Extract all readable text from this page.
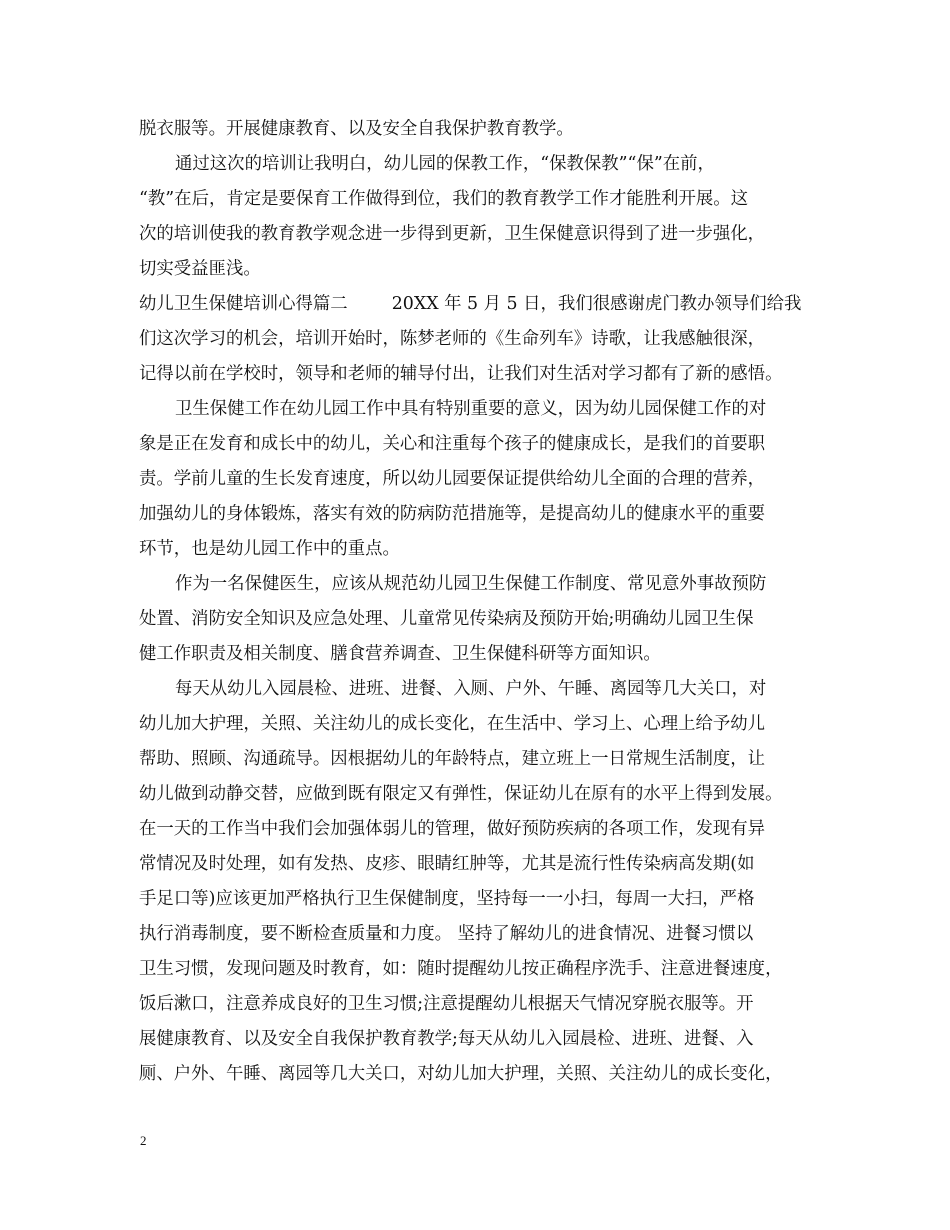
脱衣服等。开展健康教育、以及安全自我保护教育教学。
通过这次的培训让我明白，幼儿园的保教工作，“保教保教”“保”在前，
“教”在后，肯定是要保育工作做得到位，我们的教育教学工作才能胜利开展。这
次的培训使我的教育教学观念进一步得到更新，卫生保健意识得到了进一步强化，
切实受益匪浅。
幼儿卫生保健培训心得篇二	20XX 年 5 月 5 日，我们很感谢虎门教办领导们给我
们这次学习的机会，培训开始时，陈梦老师的《生命列车》诗歌，让我感触很深，
记得以前在学校时，领导和老师的辅导付出，让我们对生活对学习都有了新的感悟。
卫生保健工作在幼儿园工作中具有特别重要的意义，因为幼儿园保健工作的对
象是正在发育和成长中的幼儿，关心和注重每个孩子的健康成长，是我们的首要职
责。学前儿童的生长发育速度，所以幼儿园要保证提供给幼儿全面的合理的营养，
加强幼儿的身体锻炼，落实有效的防病防范措施等，是提高幼儿的健康水平的重要
环节，也是幼儿园工作中的重点。
作为一名保健医生，应该从规范幼儿园卫生保健工作制度、常见意外事故预防
处置、消防安全知识及应急处理、儿童常见传染病及预防开始;明确幼儿园卫生保
健工作职责及相关制度、膳食营养调查、卫生保健科研等方面知识。
每天从幼儿入园晨检、进班、进餐、入厕、户外、午睡、离园等几大关口，对
幼儿加大护理，关照、关注幼儿的成长变化，在生活中、学习上、心理上给予幼儿
帮助、照顾、沟通疏导。因根据幼儿的年龄特点，建立班上一日常规生活制度，让
幼儿做到动静交替，应做到既有限定又有弹性，保证幼儿在原有的水平上得到发展。
在一天的工作当中我们会加强体弱儿的管理，做好预防疾病的各项工作，发现有异
常情况及时处理，如有发热、皮疹、眼睛红肿等，尤其是流行性传染病高发期(如
手足口等)应该更加严格执行卫生保健制度，坚持每一一小扫，每周一大扫，严格
执行消毒制度，要不断检查质量和力度。 坚持了解幼儿的进食情况、进餐习惯以
卫生习惯，发现问题及时教育，如：随时提醒幼儿按正确程序洗手、注意进餐速度，
饭后漱口，注意养成良好的卫生习惯;注意提醒幼儿根据天气情况穿脱衣服等。开
展健康教育、以及安全自我保护教育教学;每天从幼儿入园晨检、进班、进餐、入
厕、户外、午睡、离园等几大关口，对幼儿加大护理，关照、关注幼儿的成长变化，
2
